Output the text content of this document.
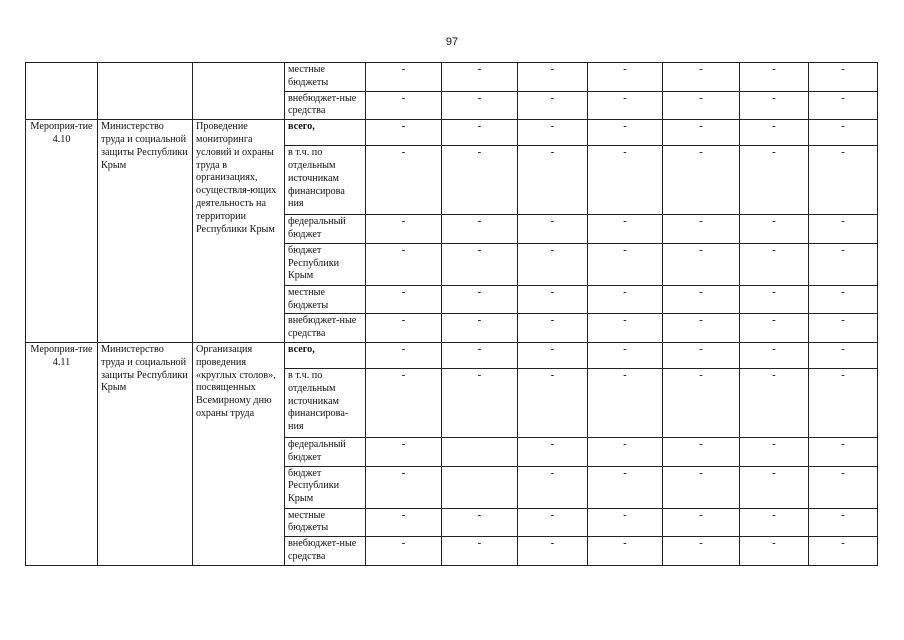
97
			местные бюджеты	-	-	-	-	-	-	-
			внебюджет-ные средства	-	-	-	-	-	-	-
Мероприя-тие 4.10	Министерство труда и социальной защиты Республики Крым	Проведение мониторинга условий и охраны труда в организациях, осуществля-ющих деятельность на территории Республики Крым	всего,	-	-	-	-	-	-	-
			в т.ч. по отдельным источникам финансирова ния	-	-	-	-	-	-	-
			федеральный бюджет	-	-	-	-	-	-	-
			бюджет Республики Крым	-	-	-	-	-	-	-
			местные бюджеты	-	-	-	-	-	-	-
			внебюджет-ные средства	-	-	-	-	-	-	-
Мероприя-тие 4.11	Министерство труда и социальной защиты Республики Крым	Организация проведения «круглых столов», посвященных Всемирному дню охраны труда	всего,	-	-	-	-	-	-	-
			в т.ч. по отдельным источникам финансирова-ния	-	-	-	-	-	-	-
			федеральный бюджет	-		-	-	-	-	-
			бюджет Республики Крым	-		-	-	-	-	-
			местные бюджеты	-	-	-	-	-	-	-
			внебюджет-ные средства	-	-	-	-	-	-	-
